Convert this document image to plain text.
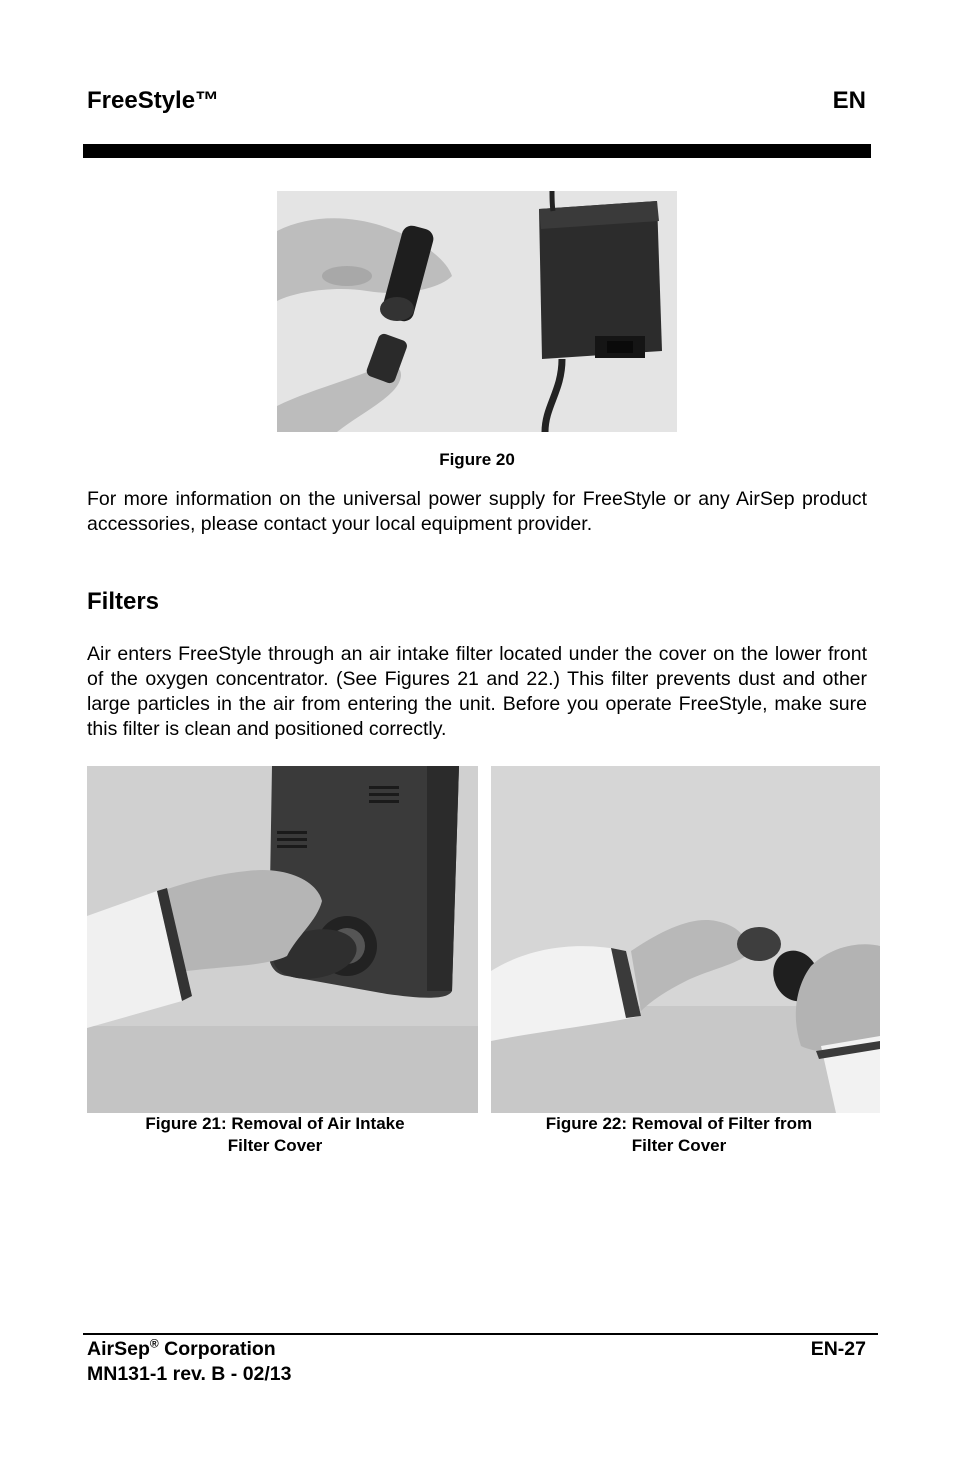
FreeStyle™	EN
Figure 20

For more information on the universal power supply for FreeStyle or any AirSep product accessories, please contact your local equipment provider.

Filters

Air enters FreeStyle through an air intake filter located under the cover on the lower front of the oxygen concentrator. (See Figures 21 and 22.) This filter prevents dust and other large particles in the air from entering the unit. Before you operate FreeStyle, make sure this filter is clean and positioned correctly.

Figure 21: Removal of Air Intake
Filter Cover
Figure 22: Removal of Filter from
Filter Cover
AirSep® Corporation
MN131-1 rev. B - 02/13
EN-27
